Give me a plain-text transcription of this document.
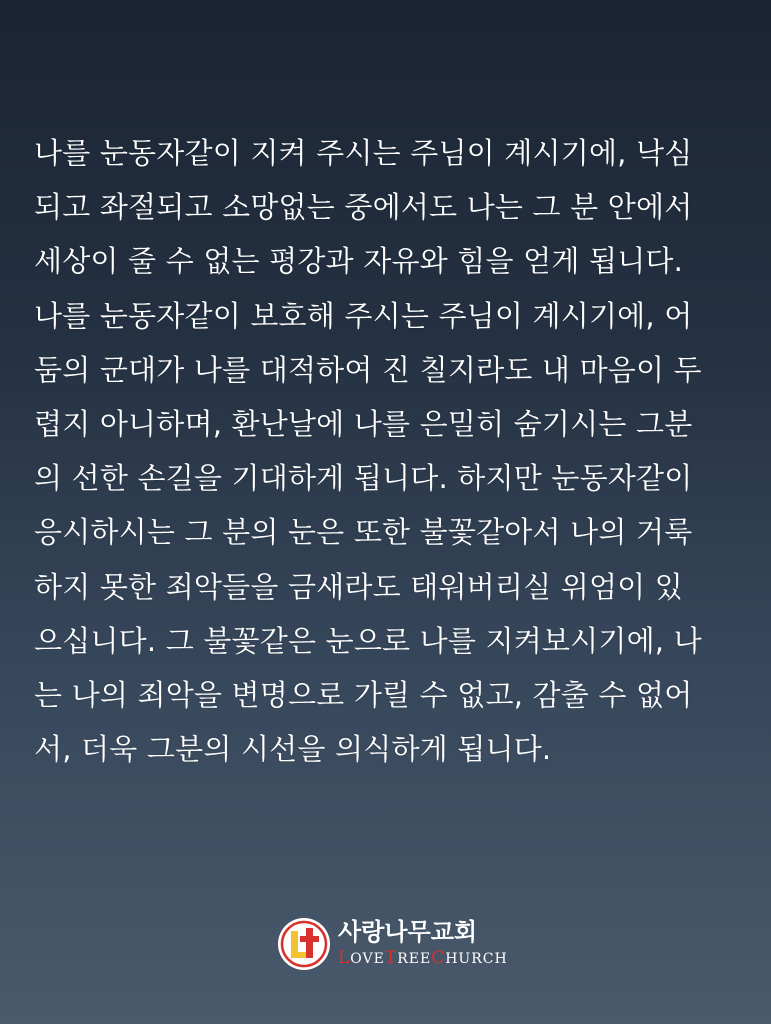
나를 눈동자같이 지켜 주시는 주님이 계시기에, 낙심
되고 좌절되고 소망없는 중에서도 나는 그 분 안에서
세상이 줄 수 없는 평강과 자유와 힘을 얻게 됩니다.
나를 눈동자같이 보호해 주시는 주님이 계시기에, 어
둠의 군대가 나를 대적하여 진 칠지라도 내 마음이 두
렵지 아니하며, 환난날에 나를 은밀히 숨기시는 그분
의 선한 손길을 기대하게 됩니다. 하지만 눈동자같이
응시하시는 그 분의 눈은 또한 불꽃같아서 나의 거룩
하지 못한 죄악들을 금새라도 태워버리실 위엄이 있
으십니다. 그 불꽃같은 눈으로 나를 지켜보시기에, 나
는 나의 죄악을 변명으로 가릴 수 없고, 감출 수 없어
서, 더욱 그분의 시선을 의식하게 됩니다.
사랑나무교회
LOVETREECHURCH
